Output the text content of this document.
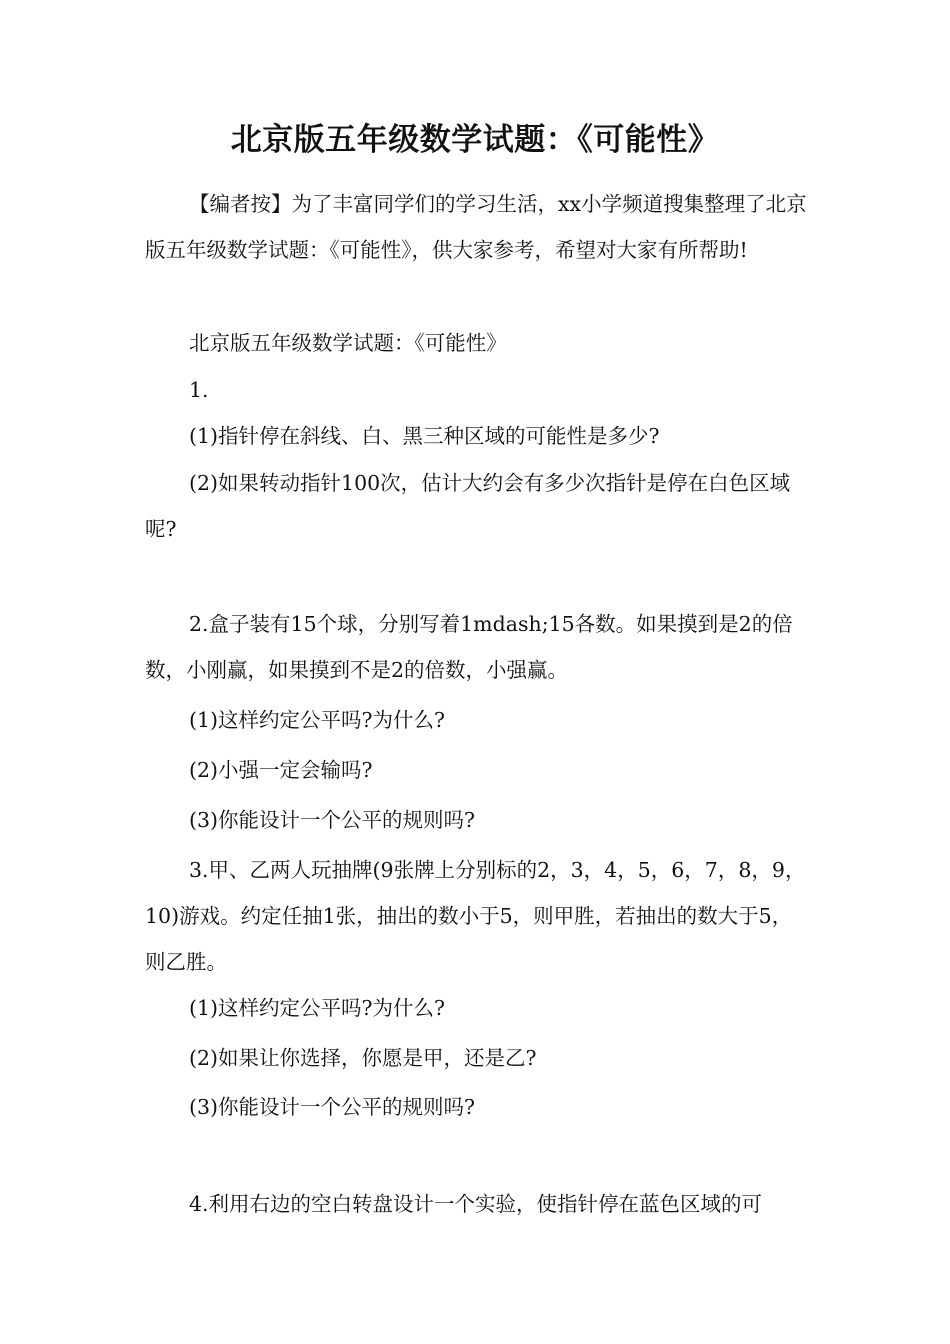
北京版五年级数学试题：《可能性》
【编者按】为了丰富同学们的学习生活，xx小学频道搜集整理了北京版五年级数学试题：《可能性》，供大家参考，希望对大家有所帮助!
北京版五年级数学试题：《可能性》
1.
(1)指针停在斜线、白、黑三种区域的可能性是多少?
(2)如果转动指针100次，估计大约会有多少次指针是停在白色区域呢?
2.盒子装有15个球，分别写着1mdash;15各数。如果摸到是2的倍数，小刚赢，如果摸到不是2的倍数，小强赢。
(1)这样约定公平吗?为什么?
(2)小强一定会输吗?
(3)你能设计一个公平的规则吗?
3.甲、乙两人玩抽牌(9张牌上分别标的2，3，4，5，6，7，8，9，10)游戏。约定任抽1张，抽出的数小于5，则甲胜，若抽出的数大于5，则乙胜。
(1)这样约定公平吗?为什么?
(2)如果让你选择，你愿是甲，还是乙?
(3)你能设计一个公平的规则吗?
4.利用右边的空白转盘设计一个实验，使指针停在蓝色区域的可
